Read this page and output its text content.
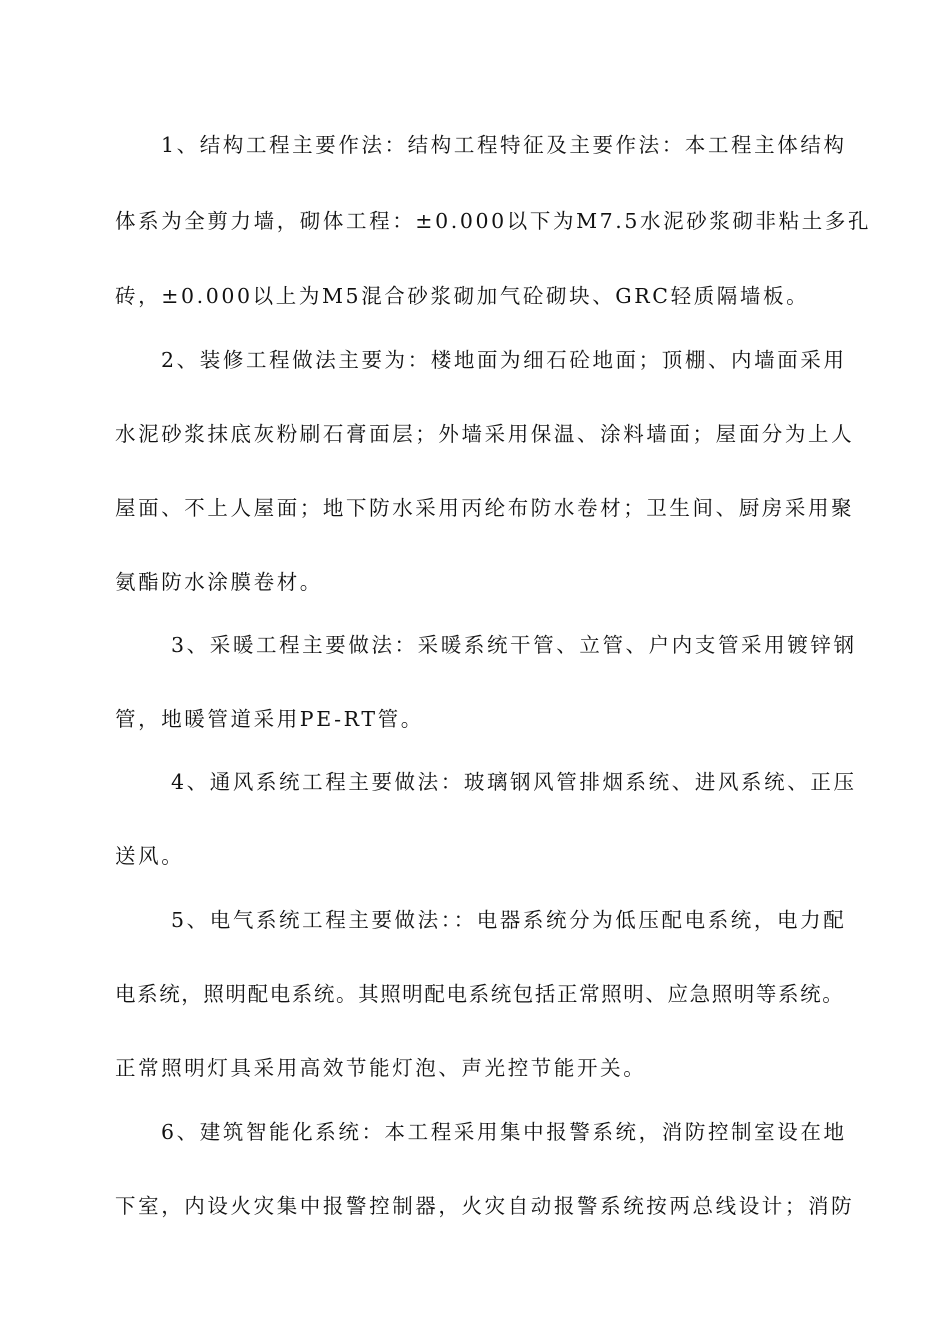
1、结构工程主要作法：结构工程特征及主要作法：本工程主体结构
体系为全剪力墙，砌体工程：±0.000以下为M7.5水泥砂浆砌非粘土多孔
砖，±0.000以上为M5混合砂浆砌加气砼砌块、GRC轻质隔墙板。
2、装修工程做法主要为：楼地面为细石砼地面；顶棚、内墙面采用
水泥砂浆抹底灰粉刷石膏面层；外墙采用保温、涂料墙面；屋面分为上人
屋面、不上人屋面；地下防水采用丙纶布防水卷材；卫生间、厨房采用聚
氨酯防水涂膜卷材。
3、采暖工程主要做法：采暖系统干管、立管、户内支管采用镀锌钢
管，地暖管道采用PE-RT管。
4、通风系统工程主要做法：玻璃钢风管排烟系统、进风系统、正压
送风。
5、电气系统工程主要做法：：电器系统分为低压配电系统，电力配
电系统，照明配电系统。其照明配电系统包括正常照明、应急照明等系统。
正常照明灯具采用高效节能灯泡、声光控节能开关。
6、建筑智能化系统：本工程采用集中报警系统，消防控制室设在地
下室，内设火灾集中报警控制器，火灾自动报警系统按两总线设计；消防
